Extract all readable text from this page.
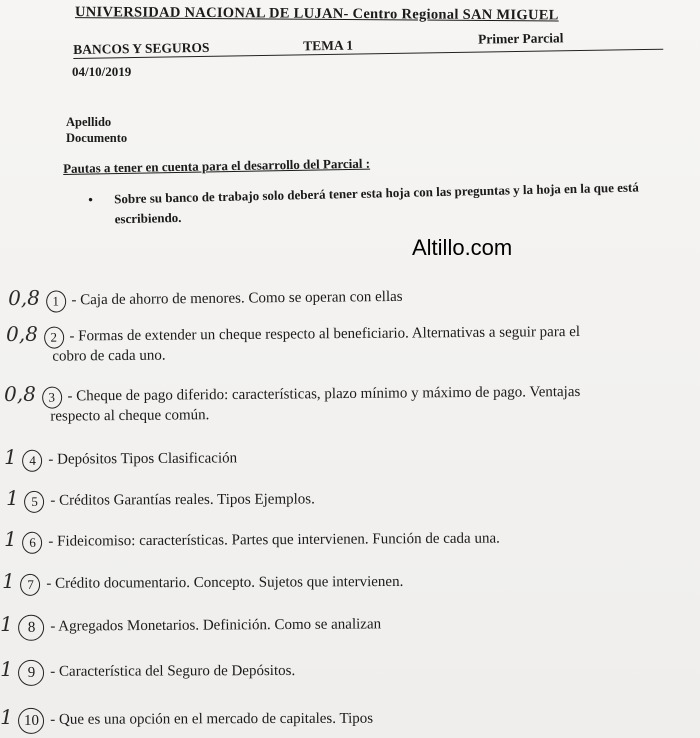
UNIVERSIDAD NACIONAL DE LUJAN- Centro Regional SAN MIGUEL
BANCOS Y SEGUROS	TEMA 1	Primer Parcial
04/10/2019
Apellido
Documento
Pautas a tener en cuenta para el desarrollo del Parcial :
• Sobre su banco de trabajo solo deberá tener esta hoja con las preguntas y la hoja en la que está escribiendo.
Altillo.com
0,8 1 - Caja de ahorro de menores. Como se operan con ellas
0,8 2 - Formas de extender un cheque respecto al beneficiario. Alternativas a seguir para el
cobro de cada uno.
0,8 3 - Cheque de pago diferido: características, plazo mínimo y máximo de pago. Ventajas
respecto al cheque común.
1 4 - Depósitos Tipos Clasificación
1 5 - Créditos Garantías reales. Tipos Ejemplos.
1 6 - Fideicomiso: características. Partes que intervienen. Función de cada una.
1 7 - Crédito documentario. Concepto. Sujetos que intervienen.
1 8 - Agregados Monetarios. Definición. Como se analizan
1 9 - Característica del Seguro de Depósitos.
1 10 - Que es una opción en el mercado de capitales. Tipos
